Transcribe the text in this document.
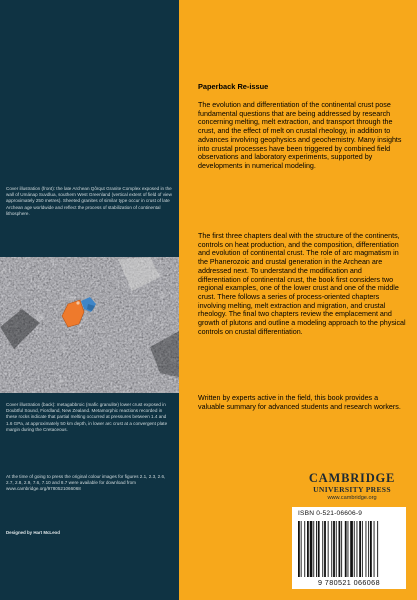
Cover illustration (front): the late Archean Qôrqut Granite Complex exposed in the wall of Umánap Suvdlua, southern West Greenland (vertical extent of field of view approximately 250 metres). Sheeted granites of similar type occur in crust of late Archean age worldwide and reflect the process of stabilization of continental lithosphere.

Cover illustration (back): metagabbroic (mafic granulite) lower crust exposed in Doubtful Sound, Fiordland, New Zealand. Metamorphic reactions recorded in these rocks indicate that partial melting occurred at pressures between 1.4 and 1.6 GPa, at approximately 50 km depth, in lower arc crust at a convergent plate margin during the Cretaceous.

At the time of going to press the original colour images for figures 2.1, 2.3, 2.6, 2.7, 2.8, 2.9, 7.6, 7.10 and 8.7 were available for download from www.cambridge.org/9780521066068

Designed by Hart McLeod

Paperback Re-issue

The evolution and differentiation of the continental crust pose fundamental questions that are being addressed by research concerning melting, melt extraction, and transport through the crust, and the effect of melt on crustal rheology, in addition to advances involving geophysics and geochemistry. Many insights into crustal processes have been triggered by combined field observations and laboratory experiments, supported by developments in numerical modeling.

The first three chapters deal with the structure of the continents, controls on heat production, and the composition, differentiation and evolution of continental crust. The role of arc magmatism in the Phanerozoic and crustal generation in the Archean are addressed next. To understand the modification and differentiation of continental crust, the book first considers two regional examples, one of the lower crust and one of the middle crust. There follows a series of process-oriented chapters involving melting, melt extraction and migration, and crustal rheology. The final two chapters review the emplacement and growth of plutons and outline a modeling approach to the physical controls on crustal differentiation.

Written by experts active in the field, this book provides a valuable summary for advanced students and research workers.

CAMBRIDGE
UNIVERSITY PRESS
www.cambridge.org
ISBN 0-521-06606-9
9 780521 066068
